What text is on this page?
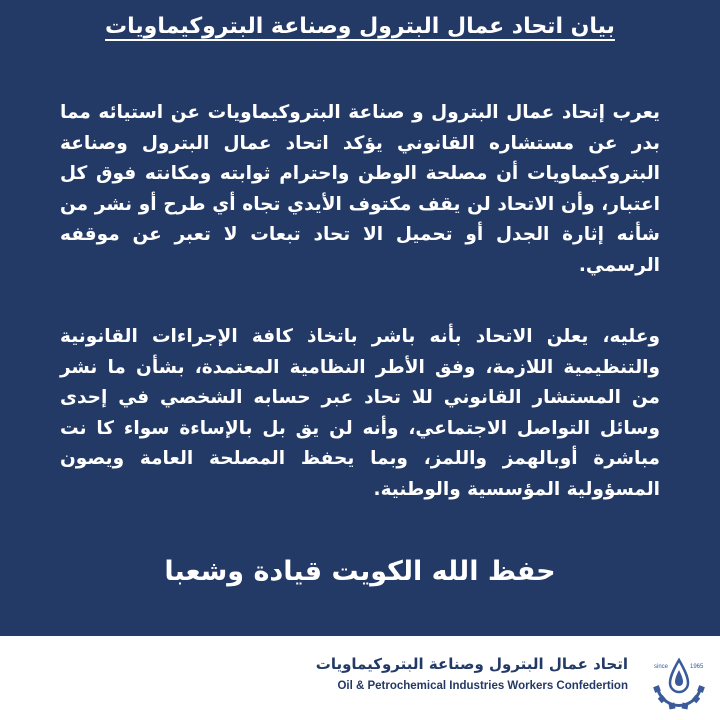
بيان اتحاد عمال البترول وصناعة البتروكيماويات
يعرب إتحاد عمال البترول و صناعة البتروكيماويات عن استيائه مما بدر عن مستشاره القانوني يؤكد اتحاد عمال البترول وصناعة البتروكيماويات أن مصلحة الوطن واحترام ثوابته ومكانته فوق كل اعتبار، وأن الاتحاد لن يقف مكتوف الأيدي تجاه أي طرح أو نشر من شأنه إثارة الجدل أو تحميل الا تحاد تبعات لا تعبر عن موقفه الرسمي.
وعليه، يعلن الاتحاد بأنه باشر باتخاذ كافة الإجراءات القانونية والتنظيمية اللازمة، وفق الأطر النظامية المعتمدة، بشأن ما نشر من المستشار القانوني للا تحاد عبر حسابه الشخصي في إحدى وسائل التواصل الاجتماعي، وأنه لن يق بل بالإساءة سواء كا نت مباشرة أوبالهمز واللمز، وبما يحفظ المصلحة العامة ويصون المسؤولية المؤسسية والوطنية.
حفظ الله الكويت قيادة وشعبا
اتحاد عمال البترول وصناعة البتروكيماويات
Oil & Petrochemical Industries Workers Confedertion
since	1965
